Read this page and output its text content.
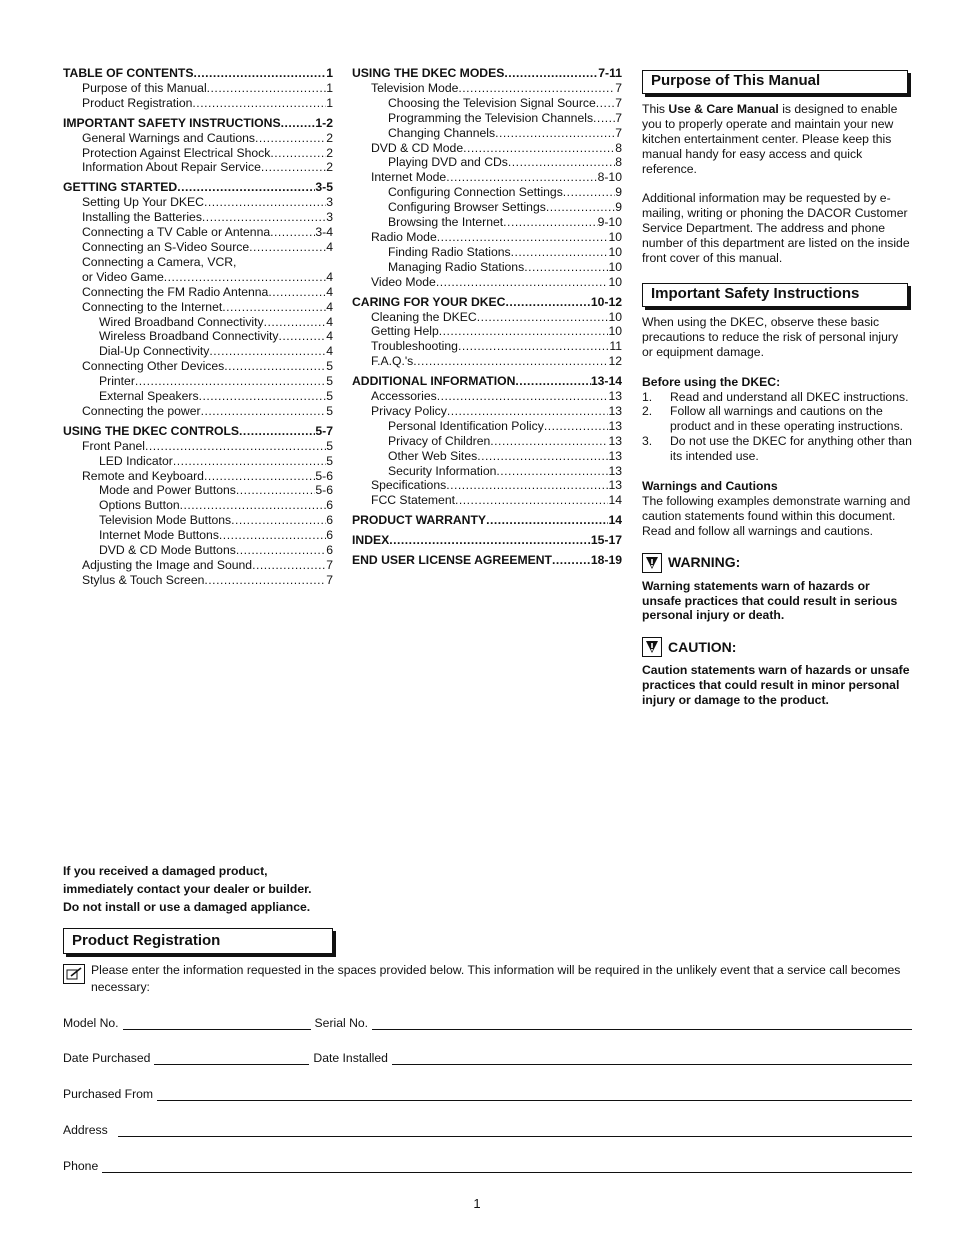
TABLE OF CONTENTS .....	1
Purpose of this Manual .....	1
Product Registration .....	1
IMPORTANT SAFETY INSTRUCTIONS .....	1-2
General Warnings and Cautions .....	2
Protection Against Electrical Shock .....	2
Information About Repair Service .....	2
GETTING STARTED .....	3-5
Setting Up Your DKEC .....	3
Installing the Batteries .....	3
Connecting a TV Cable or Antenna .....	3-4
Connecting an S-Video Source .....	4
Connecting a Camera, VCR,
or Video Game .....	4
Connecting the FM Radio Antenna .....	4
Connecting to the Internet .....	4
Wired Broadband Connectivity .....	4
Wireless Broadband Connectivity .....	4
Dial-Up Connectivity .....	4
Connecting Other Devices .....	5
Printer .....	5
External Speakers .....	5
Connecting the power .....	5
USING THE DKEC CONTROLS .....	5-7
Front Panel .....	5
LED Indicator .....	5
Remote and Keyboard .....	5-6
Mode and Power Buttons .....	5-6
Options Button .....	6
Television Mode Buttons .....	6
Internet Mode Buttons .....	6
DVD & CD Mode Buttons .....	6
Adjusting the Image and Sound .....	7
Stylus & Touch Screen .....	7
USING THE DKEC MODES .....	7-11
Television Mode .....	7
Choosing the Television Signal Source ..... 7
Programming the Television Channels ..... 7
Changing Channels .....	7
DVD & CD Mode .....	8
Playing DVD and CDs .....	8
Internet Mode .....	8-10
Configuring Connection Settings .....	9
Configuring Browser Settings .....	9
Browsing the Internet .....	9-10
Radio Mode .....	10
Finding Radio Stations .....	10
Managing Radio Stations .....	10
Video Mode .....	10
CARING FOR YOUR DKEC .....	10-12
Cleaning the DKEC .....	10
Getting Help .....	10
Troubleshooting .....	11
F.A.Q.'s .....	12
ADDITIONAL INFORMATION .....	13-14
Accessories .....	13
Privacy Policy .....	13
Personal Identification Policy .....	13
Privacy of Children .....	13
Other Web Sites .....	13
Security Information .....	13
Specifications .....	13
FCC Statement .....	14
PRODUCT WARRANTY .....	14
INDEX .....	15-17
END USER LICENSE AGREEMENT .....	18-19
Purpose of This Manual

This Use & Care Manual is designed to enable you to properly operate and maintain your new kitchen entertainment center. Please keep this manual handy for easy access and quick reference.

Additional information may be requested by e-mailing, writing or phoning the DACOR Customer Service Department. The address and phone number of this department are listed on the inside front cover of this manual.

Important Safety Instructions

When using the DKEC, observe these basic precautions to reduce the risk of personal injury or equipment damage.

Before using the DKEC:

1.	Read and understand all DKEC instructions.
2.	Follow all warnings and cautions on the product and in these operating instructions.
3.	Do not use the DKEC for anything other than its intended use.

Warnings and Cautions

The following examples demonstrate warning and caution statements found within this document. Read and follow all warnings and cautions.

WARNING:

Warning statements warn of hazards or unsafe practices that could result in serious personal injury or death.

CAUTION:

Caution statements warn of hazards or unsafe practices that could result in minor personal injury or damage to the product.

If you received a damaged product,
immediately contact your dealer or builder.
Do not install or use a damaged appliance.
Product Registration
Please enter the information requested in the spaces provided below. This information will be required in the unlikely event that a service call becomes necessary:
Model No.	Serial No.
Date Purchased	Date Installed
Purchased From
Address
Phone
1
